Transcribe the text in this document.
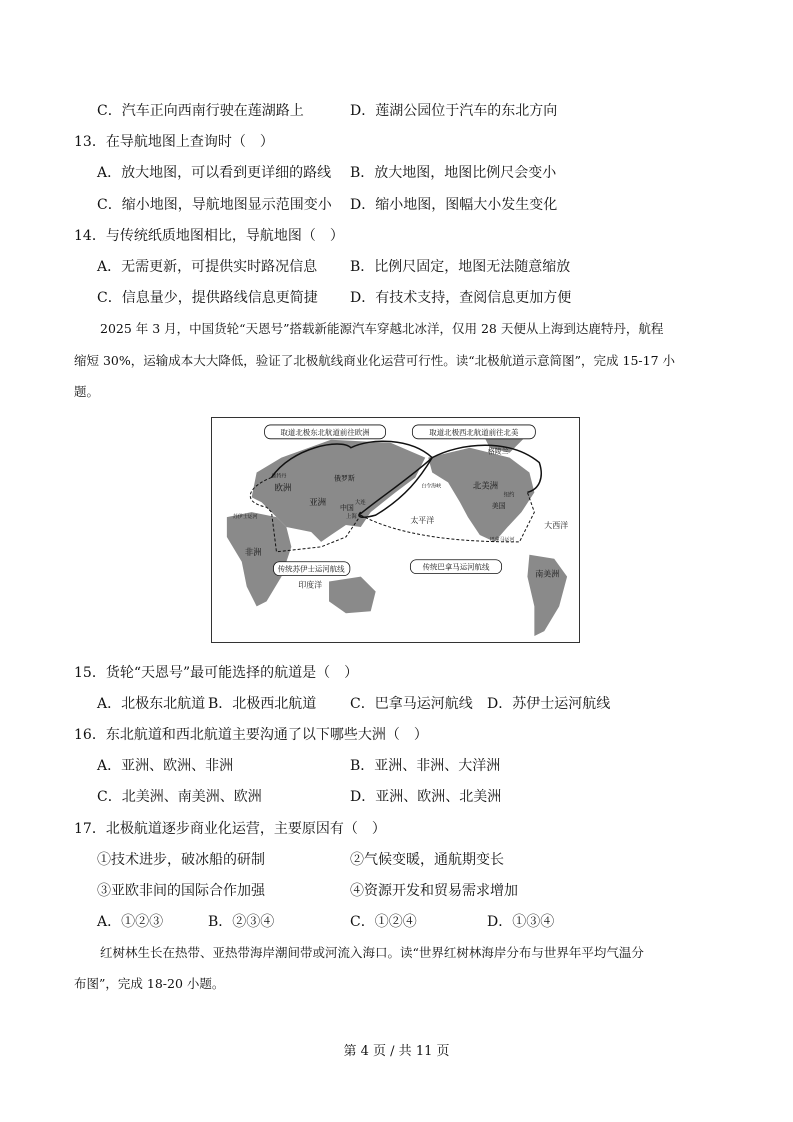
C．汽车正向西南行驶在莲湖路上	D．莲湖公园位于汽车的东北方向
13．在导航地图上查询时（　）
A．放大地图，可以看到更详细的路线 B．放大地图，地图比例尺会变小
C．缩小地图，导航地图显示范围变小 D．缩小地图，图幅大小发生变化
14．与传统纸质地图相比，导航地图（　）
A．无需更新，可提供实时路况信息 B．比例尺固定，地图无法随意缩放
C．信息量少，提供路线信息更简捷 D．有技术支持，查阅信息更加方便
2025 年 3 月，中国货轮“天恩号”搭载新能源汽车穿越北冰洋，仅用 28 天便从上海到达鹿特丹，航程
缩短 30%，运输成本大大降低，验证了北极航线商业化运营可行性。读“北极航道示意简图”，完成 15-17 小
题。
取道北极东北航道前往欧洲	取道北极西北航道前往北美
传统苏伊士运河航线	传统巴拿马运河航线
格陵兰
鹿特丹
欧洲
俄罗斯
白令海峡	北美洲
纽约
美国
亚洲
中国
大连
上海
苏伊士运河	太平洋
大西洋
巴拿马运河
非洲
印度洋
南美洲
15．货轮“天恩号”最可能选择的航道是（　）
A．北极东北航道 B．北极西北航道 C．巴拿马运河航线 D．苏伊士运河航线
16．东北航道和西北航道主要沟通了以下哪些大洲（　）
A．亚洲、欧洲、非洲	B．亚洲、非洲、大洋洲
C．北美洲、南美洲、欧洲	D．亚洲、欧洲、北美洲
17．北极航道逐步商业化运营，主要原因有（　）
①技术进步，破冰船的研制	②气候变暖，通航期变长
③亚欧非间的国际合作加强	④资源开发和贸易需求增加
A．①②③	B．②③④	C．①②④	D．①③④
红树林生长在热带、亚热带海岸潮间带或河流入海口。读“世界红树林海岸分布与世界年平均气温分
布图”，完成 18-20 小题。
第 4 页 / 共 11 页
